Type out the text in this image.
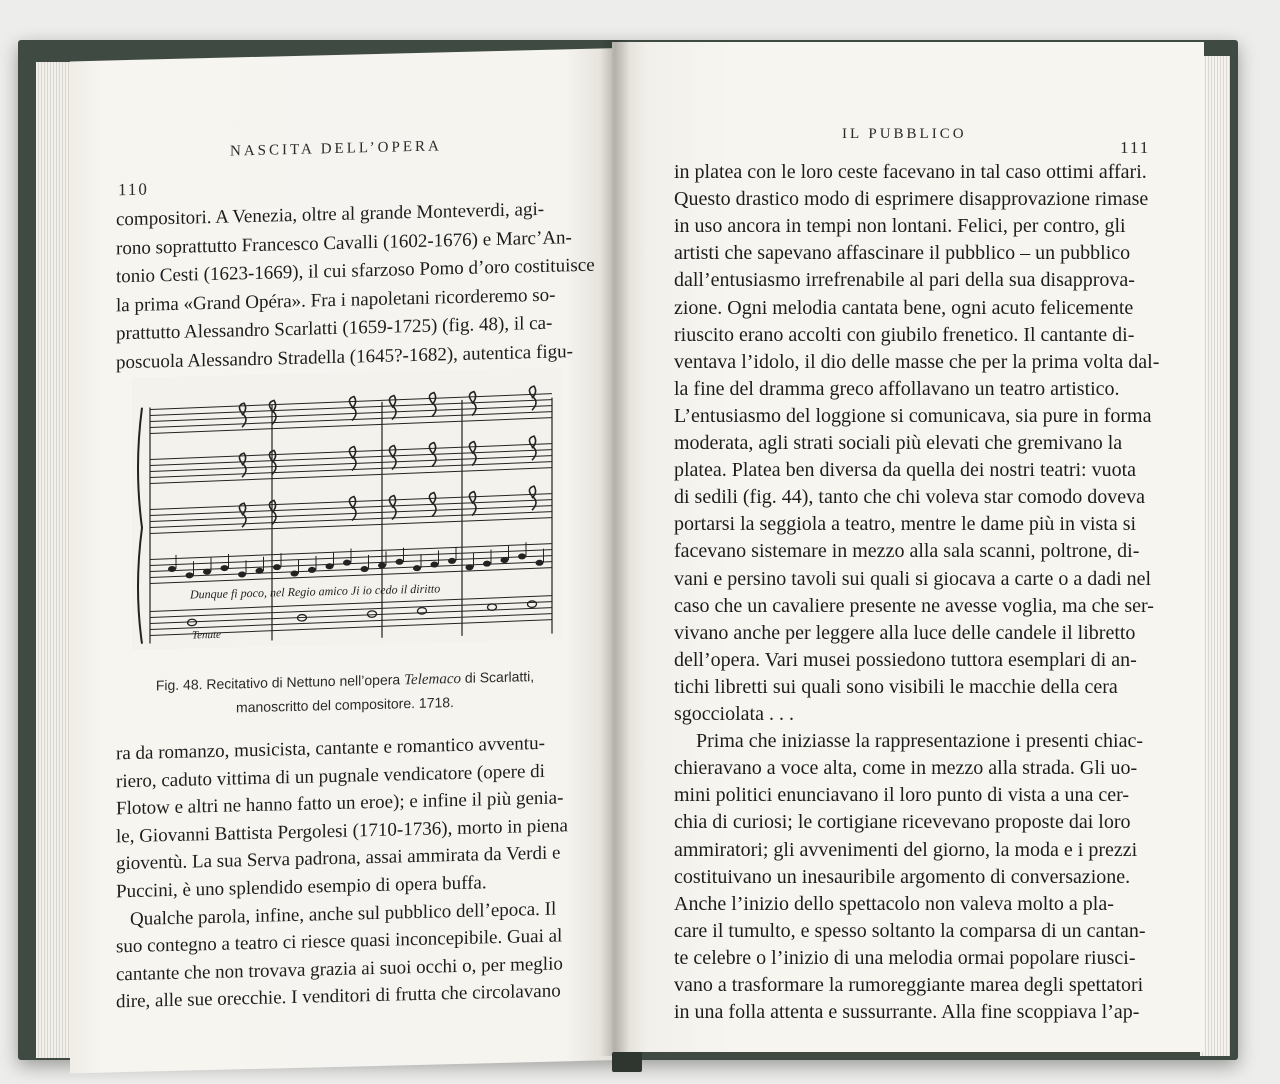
110
NASCITA DELL’OPERA
compositori. A Venezia, oltre al grande Monteverdi, agi-
rono soprattutto Francesco Cavalli (1602-1676) e Marc’An-
tonio Cesti (1623-1669), il cui sfarzoso Pomo d’oro costituisce
la prima «Grand Opéra». Fra i napoletani ricorderemo so-
prattutto Alessandro Scarlatti (1659-1725) (fig. 48), il ca-
poscuola Alessandro Stradella (1645?-1682), autentica figu-
Dunque fi poco, nel Regio amico Ji io cedo il diritto
Tenute
Fig. 48. Recitativo di Nettuno nell’opera Telemaco di Scarlatti,
manoscritto del compositore. 1718.
ra da romanzo, musicista, cantante e romantico avventu-
riero, caduto vittima di un pugnale vendicatore (opere di
Flotow e altri ne hanno fatto un eroe); e infine il più genia-
le, Giovanni Battista Pergolesi (1710-1736), morto in piena
gioventù. La sua Serva padrona, assai ammirata da Verdi e
Puccini, è uno splendido esempio di opera buffa.
Qualche parola, infine, anche sul pubblico dell’epoca. Il
suo contegno a teatro ci riesce quasi inconcepibile. Guai al
cantante che non trovava grazia ai suoi occhi o, per meglio
dire, alle sue orecchie. I venditori di frutta che circolavano
IL PUBBLICO
111
in platea con le loro ceste facevano in tal caso ottimi affari.
Questo drastico modo di esprimere disapprovazione rimase
in uso ancora in tempi non lontani. Felici, per contro, gli
artisti che sapevano affascinare il pubblico – un pubblico
dall’entusiasmo irrefrenabile al pari della sua disapprova-
zione. Ogni melodia cantata bene, ogni acuto felicemente
riuscito erano accolti con giubilo frenetico. Il cantante di-
ventava l’idolo, il dio delle masse che per la prima volta dal-
la fine del dramma greco affollavano un teatro artistico.
L’entusiasmo del loggione si comunicava, sia pure in forma
moderata, agli strati sociali più elevati che gremivano la
platea. Platea ben diversa da quella dei nostri teatri: vuota
di sedili (fig. 44), tanto che chi voleva star comodo doveva
portarsi la seggiola a teatro, mentre le dame più in vista si
facevano sistemare in mezzo alla sala scanni, poltrone, di-
vani e persino tavoli sui quali si giocava a carte o a dadi nel
caso che un cavaliere presente ne avesse voglia, ma che ser-
vivano anche per leggere alla luce delle candele il libretto
dell’opera. Vari musei possiedono tuttora esemplari di an-
tichi libretti sui quali sono visibili le macchie della cera
sgocciolata . . .
Prima che iniziasse la rappresentazione i presenti chiac-
chieravano a voce alta, come in mezzo alla strada. Gli uo-
mini politici enunciavano il loro punto di vista a una cer-
chia di curiosi; le cortigiane ricevevano proposte dai loro
ammiratori; gli avvenimenti del giorno, la moda e i prezzi
costituivano un inesauribile argomento di conversazione.
Anche l’inizio dello spettacolo non valeva molto a pla-
care il tumulto, e spesso soltanto la comparsa di un cantan-
te celebre o l’inizio di una melodia ormai popolare riusci-
vano a trasformare la rumoreggiante marea degli spettatori
in una folla attenta e sussurrante. Alla fine scoppiava l’ap-
